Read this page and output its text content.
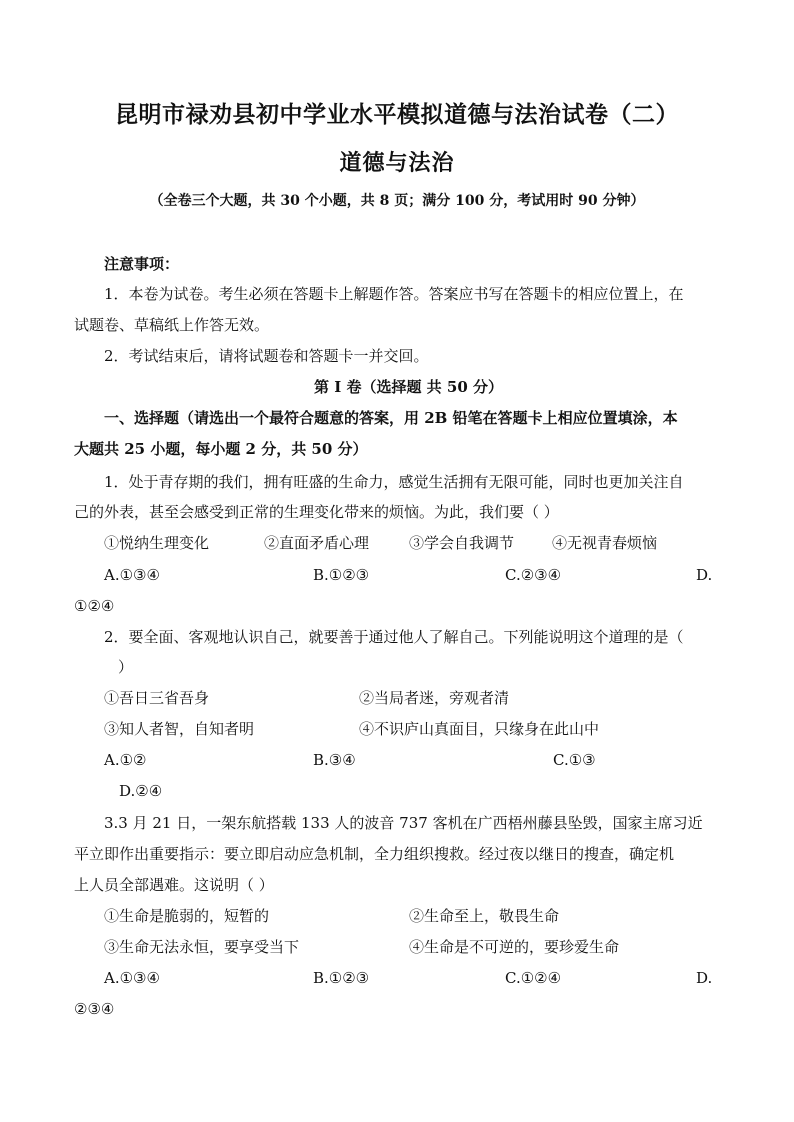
昆明市禄劝县初中学业水平模拟道德与法治试卷（二）
道德与法治
（全卷三个大题，共 30 个小题，共 8 页；满分 100 分，考试用时 90 分钟）
注意事项：
1．本卷为试卷。考生必须在答题卡上解题作答。答案应书写在答题卡的相应位置上，在
试题卷、草稿纸上作答无效。
2．考试结束后，请将试题卷和答题卡一并交回。
第 I 卷（选择题 共 50 分）
一、选择题（请选出一个最符合题意的答案，用 2B 铅笔在答题卡上相应位置填涂，本
大题共 25 小题，每小题 2 分，共 50 分）
1．处于青存期的我们，拥有旺盛的生命力，感觉生活拥有无限可能，同时也更加关注自
己的外表，甚至会感受到正常的生理变化带来的烦恼。为此，我们要（ ）
①悦纳生理变化	②直面矛盾心理	③学会自我调节	④无视青春烦恼
A.①③④	B.①②③	C.②③④	D.
①②④
2．要全面、客观地认识自己，就要善于通过他人了解自己。下列能说明这个道理的是（
）
①吾日三省吾身	②当局者迷，旁观者清
③知人者智，自知者明	④不识庐山真面目，只缘身在此山中
A.①②	B.③④	C.①③
D.②④
3.3 月 21 日，一架东航搭载 133 人的波音 737 客机在广西梧州藤县坠毁，国家主席习近
平立即作出重要指示：要立即启动应急机制，全力组织搜救。经过夜以继日的搜查，确定机
上人员全部遇难。这说明（ ）
①生命是脆弱的，短暂的	②生命至上，敬畏生命
③生命无法永恒，要享受当下	④生命是不可逆的，要珍爱生命
A.①③④	B.①②③	C.①②④	D.
②③④
